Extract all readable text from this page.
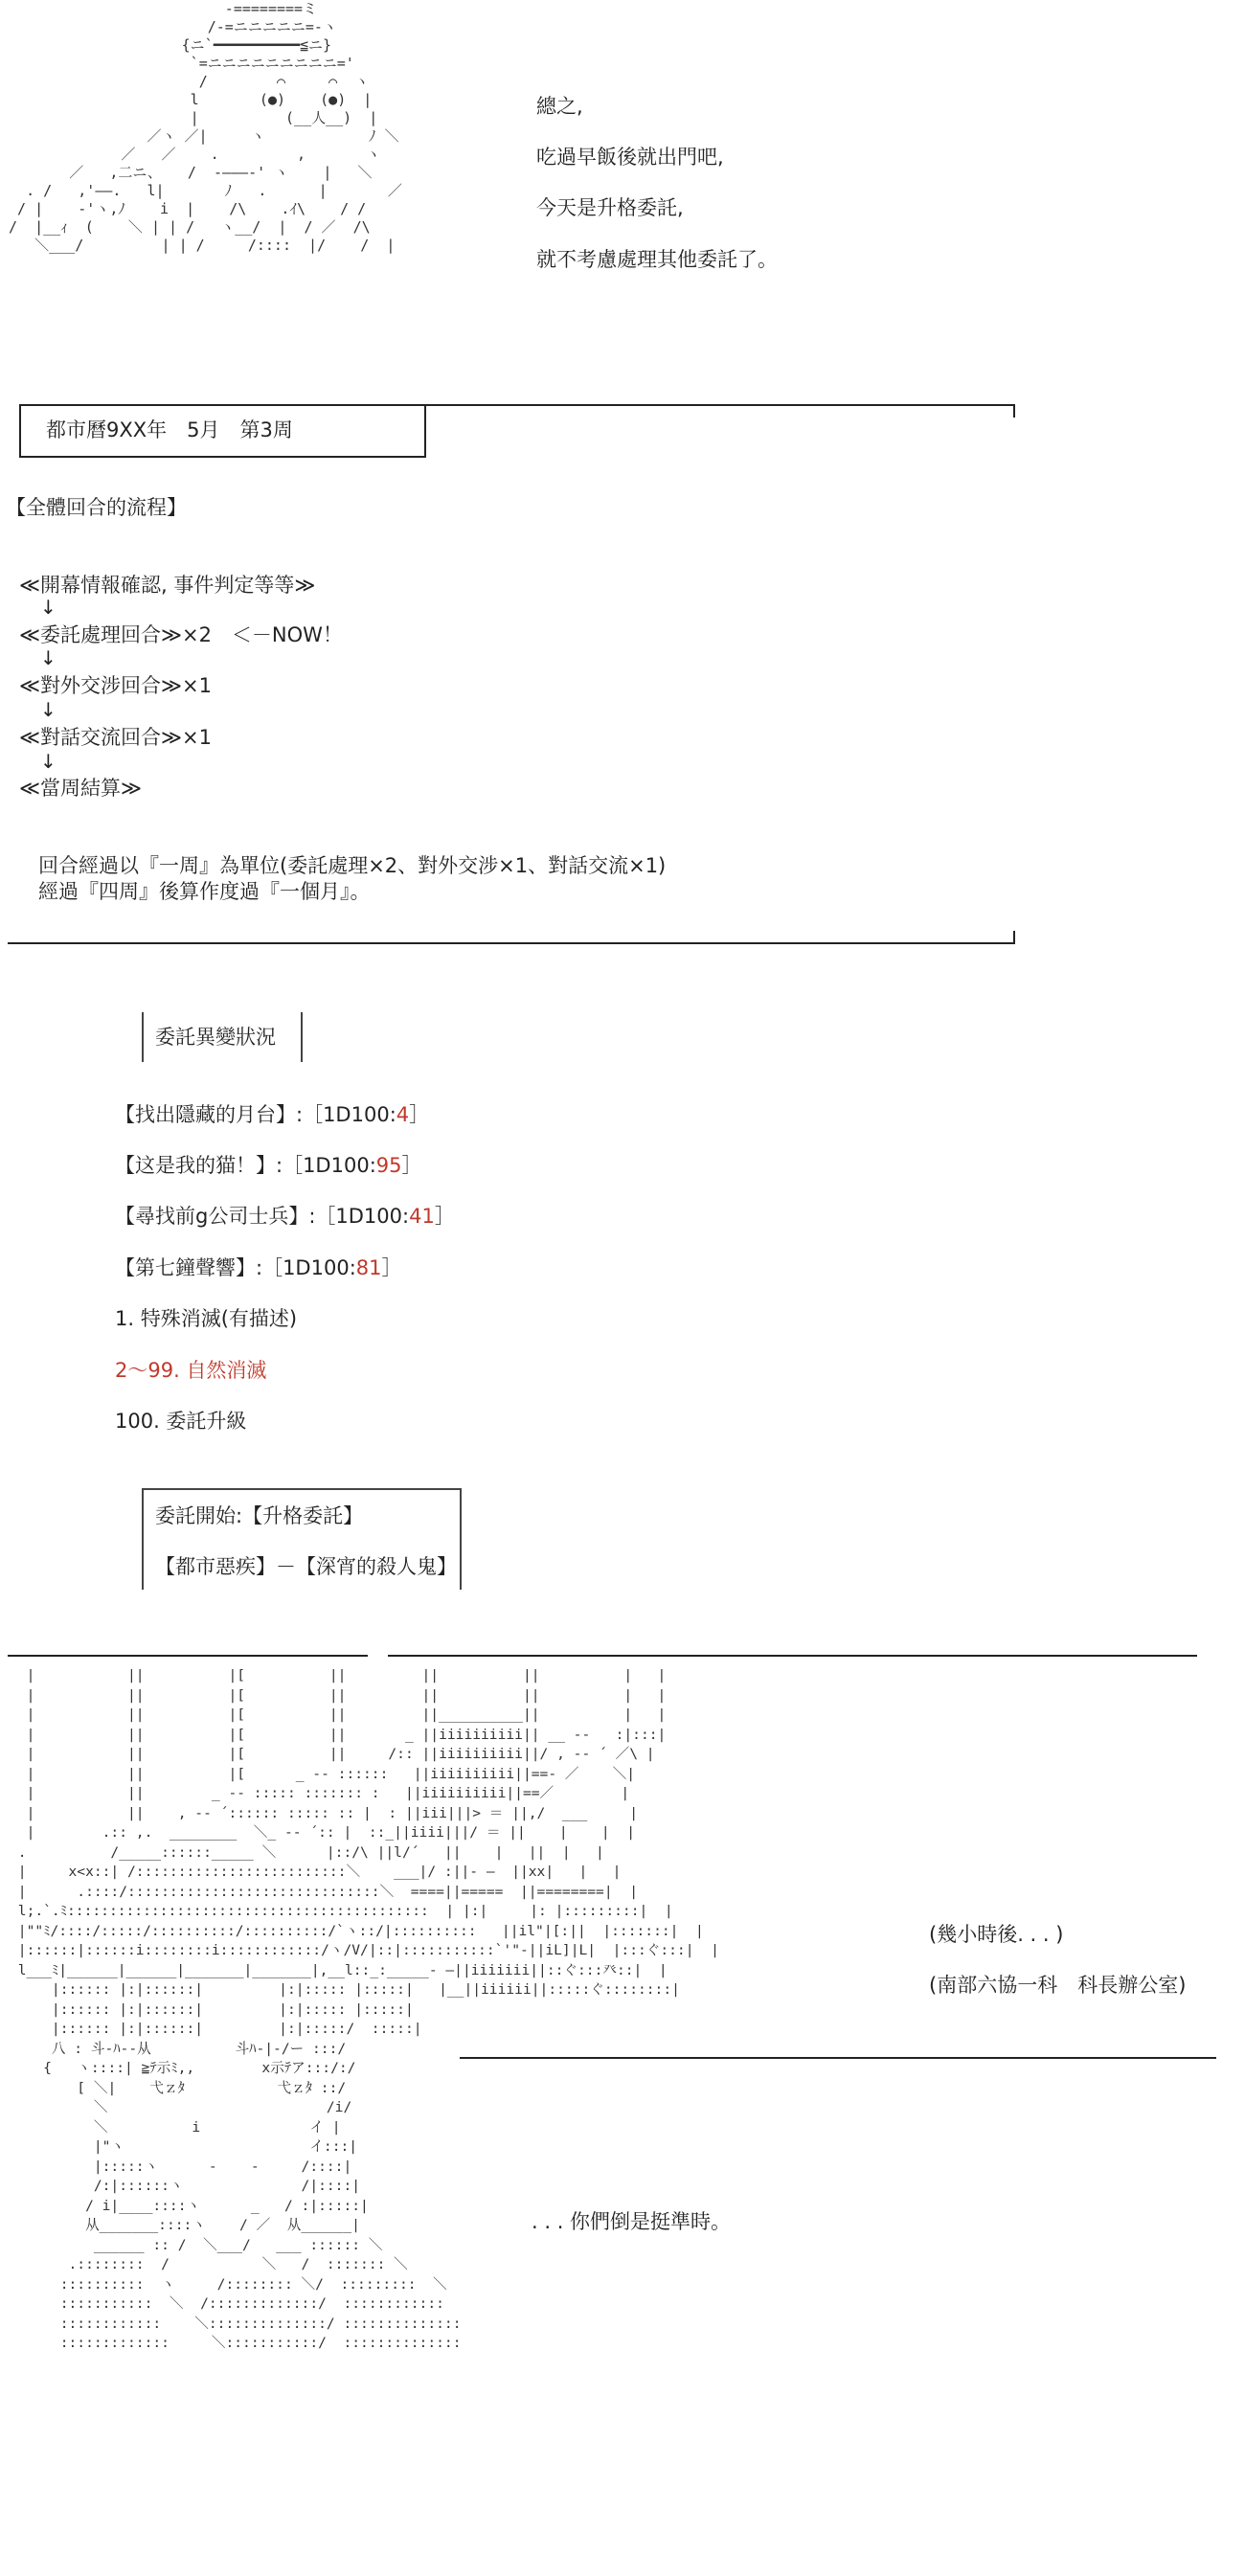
-========ミ
/-=ニニニニニ=-ヽ
{ニ`━━━━━━━━━━≦ニ}
`=ニニニニニニニニニ='
/        ⌒     ⌒  ヽ
l       (●)    (●)  |
|          (__人__)  |
／ヽ ／|     ヽ            ﾉ ＼
／   ／    .         ,       ヽ
／   ,二ニ、   /  ‐―――‐' ヽ    |   ＼
. /   ,'――.   l|       ﾉ   .      |       ／
/ |    -'ヽ,ﾉ    i  |    /\    .ｲ\    / /
/  |__ｨ  (    ＼ | | /   ヽ__/  |  / ／  /\
＼___/         | | /     /::::  |/    /  |
總之,
吃過早飯後就出門吧,
今天是升格委託,
就不考慮處理其他委託了。
都市曆9XX年　5月　第3周
【全體回合的流程】
≪開幕情報確認, 事件判定等等≫
↓
≪委託處理回合≫×2　＜－NOW！
↓
≪對外交涉回合≫×1
↓
≪對話交流回合≫×1
↓
≪當周結算≫
回合經過以『一周』為單位(委託處理×2、對外交涉×1、對話交流×1)
經過『四周』後算作度過『一個月』。
委託異變狀況
【找出隱藏的月台】:［1D100:4］
【这是我的猫！】:［1D100:95］
【尋找前g公司士兵】:［1D100:41］
【第七鐘聲響】:［1D100:81］
1. 特殊消滅(有描述)
2～99. 自然消滅
100. 委託升級
委託開始:【升格委託】
【都市惡疾】－【深宵的殺人鬼】
|           ||          |[          ||         ||          ||          |   |
|           ||          |[          ||         ||          ||          |   |
|           ||          |[          ||         ||__________||          |   |
|           ||          |[          ||       _ ||iiiiiiiiii|| __ --   :|:::|
|           ||          |[          ||     /:: ||iiiiiiiiii||/ , -‐ ´ ／\ |
|           ||          |[      _ -‐ ::::::   ||iiiiiiiiii||==- ／    ＼|
|           ||        _ -‐ ::::: ::::::: :   ||iiiiiiiiii||==／        |
|           ||    , -‐ ´:::::: ::::: :: |  : ||iii|||> ＝ ||,/  ___     |
|        .:: ,.  ________  ＼_ -‐ ´:: |  ::_||iiii|||/ ＝ ||    |    |  |
.          /_____::::::_____ ＼      |::/\ ||l/´   ||    |   ||  |   |
|     x<x::| /:::::::::::::::::::::::::＼    ___|/ :||‐ ―  ||xx|   |   |
|      .::::/::::::::::::::::::::::::::::::＼  ====||=====  ||========|  |
l;.`.ﾐ:::::::::::::::::::::::::::::::::::::::::::  | |:|     |: |:::::::::|  |
|""ﾐ/::::/:::::/::::::::::/::::::::::/`ヽ::/|::::::::::   ||il"|[:||  |:::::::|  |
|::::::|::::::i::::::::i::::::::::::/ヽ/V/|::|:::::::::::`'"-||iL]|L|  |:::ぐ:::|  |
l___ﾐ|______|______|_______|_______|,__l::_:_____‐ ―||iiiiiii||::ぐ:::癶::|  |
|:::::: |:|::::::|         |:|::::: |:::::|   |__||iiiiii||:::::ぐ::::::::|
|:::::: |:|::::::|         |:|::::: |:::::|
|:::::: |:|::::::|         |:|:::::/  :::::|
八 : 斗-ﾊ--从          斗ﾊ-|-/ー :::/
{   ヽ::::| ≧ﾃ示ﾐ,,        x示ﾃア:::/:/
[ ＼|    弋ｚﾀ           弋ｚﾀ ::/
＼                          /i/
＼          i             イ |
|"ヽ                      イ:::|
|:::::ヽ      -    -     /::::|
/:|::::::ヽ              /|::::|
/ i|____::::ヽ      _   / :|:::::|
从_______::::ヽ    / ／  从______|
______ :: /  ＼___/   ___ :::::: ＼
.::::::::  /           ＼   /  ::::::: ＼
::::::::::  ヽ     /:::::::: ＼/  :::::::::  ＼
:::::::::::  ＼  /:::::::::::::/  ::::::::::::
::::::::::::    ＼::::::::::::::/ ::::::::::::::
:::::::::::::     ＼:::::::::::/  ::::::::::::::
(幾小時後. . . )
(南部六協一科　科長辦公室)
. . . 你們倒是挺準時。
